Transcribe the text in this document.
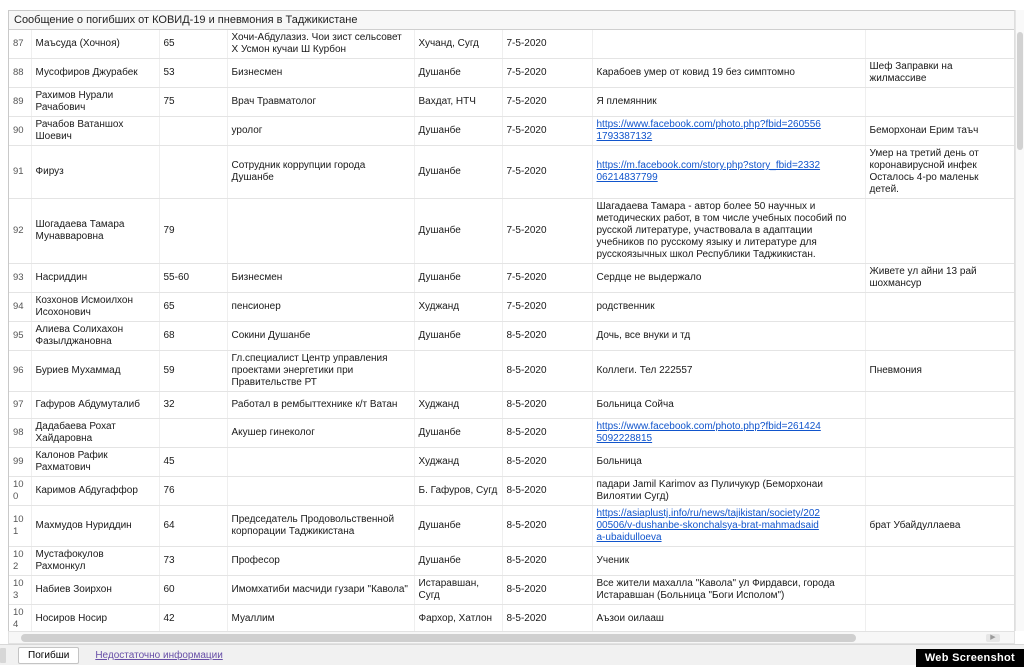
Сообщение о погибших от КОВИД-19 и пневмония в Таджикистане
87	Маъсуда (Хочноя)	65	Хочи-Абдулазиз. Чои зист сельсовет Х Усмон кучаи Ш Курбон	Хучанд, Сугд	7-5-2020		
88	Мусофиров Джурабек	53	Бизнесмен	Душанбе	7-5-2020	Карабоев умер от ковид 19 без симптомно	Шеф Заправки на жилмассиве
89	Рахимов Нурали Рачабович	75	Врач Травматолог	Вахдат, НТЧ	7-5-2020	Я племянник	
90	Рачабов Ватаншох Шоевич		уролог	Душанбе	7-5-2020	https://www.facebook.com/photo.php?fbid=2605561793387132	Беморхонаи Ерим таъч
91	Фируз		Сотрудник коррупции города Душанбе	Душанбе	7-5-2020	https://m.facebook.com/story.php?story_fbid=233206214837799	Умер на третий день от коронавирусной инфек Осталось 4-ро маленьк детей.
92	Шогадаева Тамара Мунавваровна	79		Душанбе	7-5-2020	Шагадаева Тамара - автор более 50 научных и методических работ, в том числе учебных пособий по русской литературе, участвовала в адаптации учебников по русскому языку и литературе для русскоязычных школ Республики Таджикистан.	
93	Насриддин	55-60	Бизнесмен	Душанбе	7-5-2020	Сердце не выдержало	Живете ул айни 13 рай шохмансур
94	Козхонов Исмоилхон Исохонович	65	пенсионер	Худжанд	7-5-2020	родственник	
95	Алиева Солихахон Фазылджановна	68	Сокини Душанбе	Душанбе	8-5-2020	Дочь, все внуки и тд	
96	Буриев Мухаммад	59	Гл.специалист Центр управления проектами энергетики при Правительстве РТ		8-5-2020	Коллеги. Тел 222557	Пневмония
97	Гафуров Абдумуталиб	32	Работал в рембыттехнике к/т Ватан	Худжанд	8-5-2020	Больница Сойча	
98	Дадабаева Рохат Хайдаровна		Акушер гинеколог	Душанбе	8-5-2020	https://www.facebook.com/photo.php?fbid=2614245092228815	
99	Калонов Рафик Рахматович	45		Худжанд	8-5-2020	Больница	
100	Каримов Абдугаффор	76		Б. Гафуров, Сугд	8-5-2020	падари Jamil Karimov аз Пуличукур (Беморхонаи Вилоятии Сугд)	
101	Махмудов Нуриддин	64	Председатель Продовольственной корпорации Таджикистана	Душанбе	8-5-2020	https://asiaplustj.info/ru/news/tajikistan/society/20200506/v-dushanbe-skonchalsya-brat-mahmadsaida-ubaidulloeva	брат Убайдуллаева
102	Мустафокулов Рахмонкул	73	Професор	Душанбе	8-5-2020	Ученик	
103	Набиев Зоирхон	60	Имомхатиби масчиди гузари "Кавола"	Истаравшан, Сугд	8-5-2020	Все жители махалла "Кавола" ул Фирдавси, города Истаравшан (Больница "Боги Исполом")	
104	Носиров Носир	42	Муаллим	Фархор, Хатлон	8-5-2020	Аъзои оилааш	
▶
Погибши	Недостаточно информации	Web Screenshot
